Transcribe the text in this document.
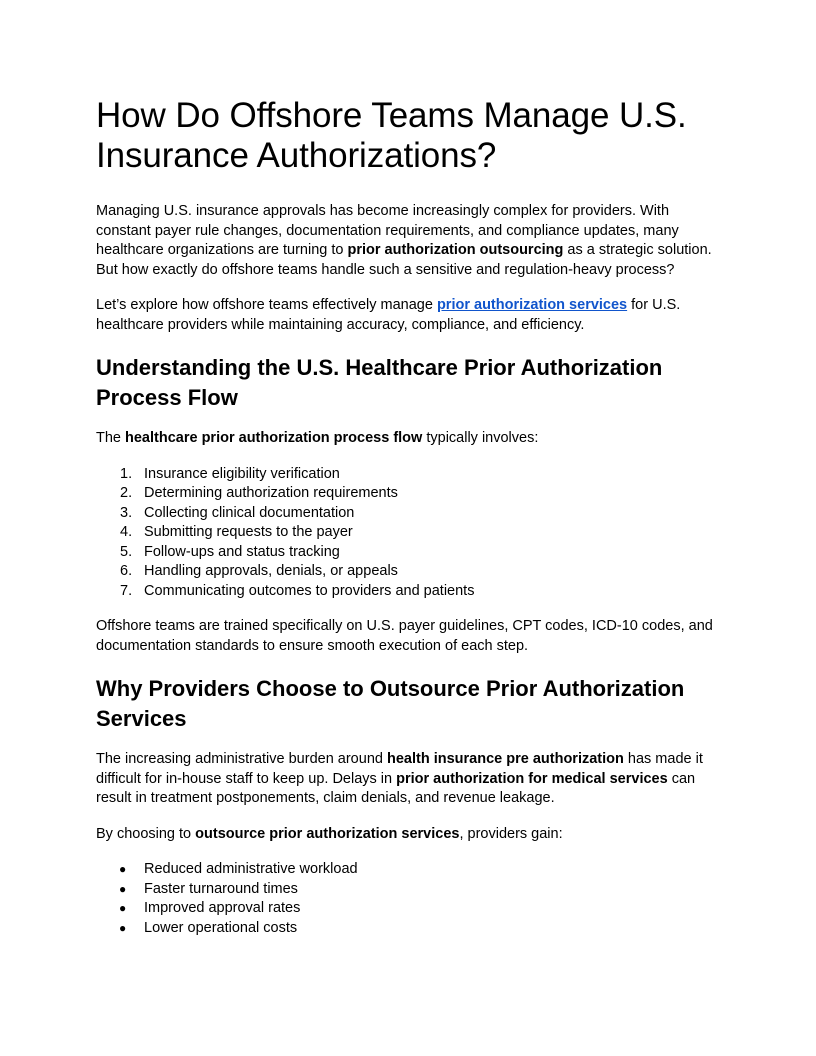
How Do Offshore Teams Manage U.S. Insurance Authorizations?

Managing U.S. insurance approvals has become increasingly complex for providers. With constant payer rule changes, documentation requirements, and compliance updates, many healthcare organizations are turning to prior authorization outsourcing as a strategic solution. But how exactly do offshore teams handle such a sensitive and regulation-heavy process?

Let’s explore how offshore teams effectively manage prior authorization services for U.S. healthcare providers while maintaining accuracy, compliance, and efficiency.

Understanding the U.S. Healthcare Prior Authorization Process Flow

The healthcare prior authorization process flow typically involves:

1. Insurance eligibility verification
2. Determining authorization requirements
3. Collecting clinical documentation
4. Submitting requests to the payer
5. Follow-ups and status tracking
6. Handling approvals, denials, or appeals
7. Communicating outcomes to providers and patients

Offshore teams are trained specifically on U.S. payer guidelines, CPT codes, ICD-10 codes, and documentation standards to ensure smooth execution of each step.

Why Providers Choose to Outsource Prior Authorization Services

The increasing administrative burden around health insurance pre authorization has made it difficult for in-house staff to keep up. Delays in prior authorization for medical services can result in treatment postponements, claim denials, and revenue leakage.

By choosing to outsource prior authorization services, providers gain:

● Reduced administrative workload
● Faster turnaround times
● Improved approval rates
● Lower operational costs
